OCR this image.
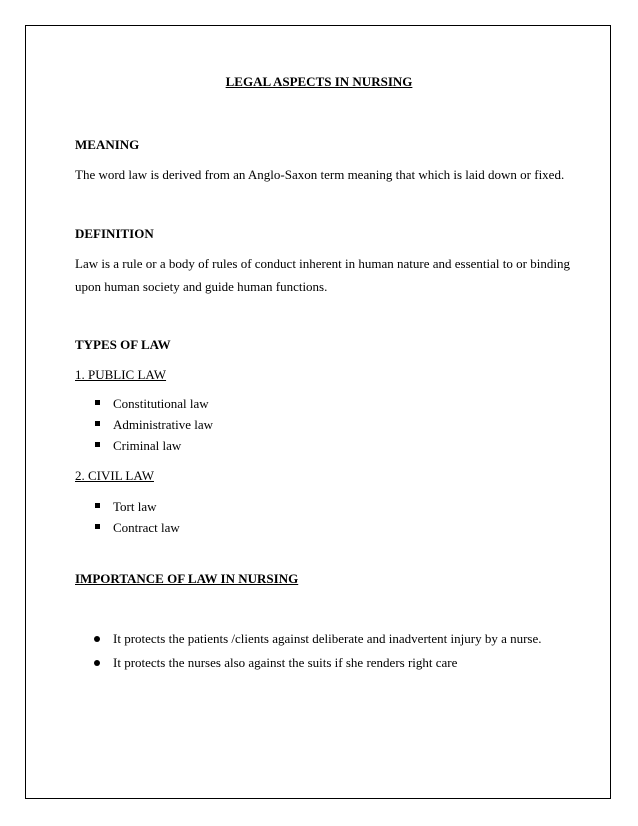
LEGAL ASPECTS IN NURSING
MEANING
The word law is derived from an Anglo-Saxon term meaning that which is laid down or fixed.
DEFINITION
Law is a rule or a body of rules of conduct inherent in human nature and essential to or binding
upon human society and guide human functions.
TYPES OF LAW
1. PUBLIC LAW
Constitutional law
Administrative law
Criminal law
2. CIVIL LAW
Tort law
Contract law
IMPORTANCE OF LAW IN NURSING
It protects the patients /clients against deliberate and inadvertent injury by a nurse.
It protects the nurses also against the suits if she renders right care
